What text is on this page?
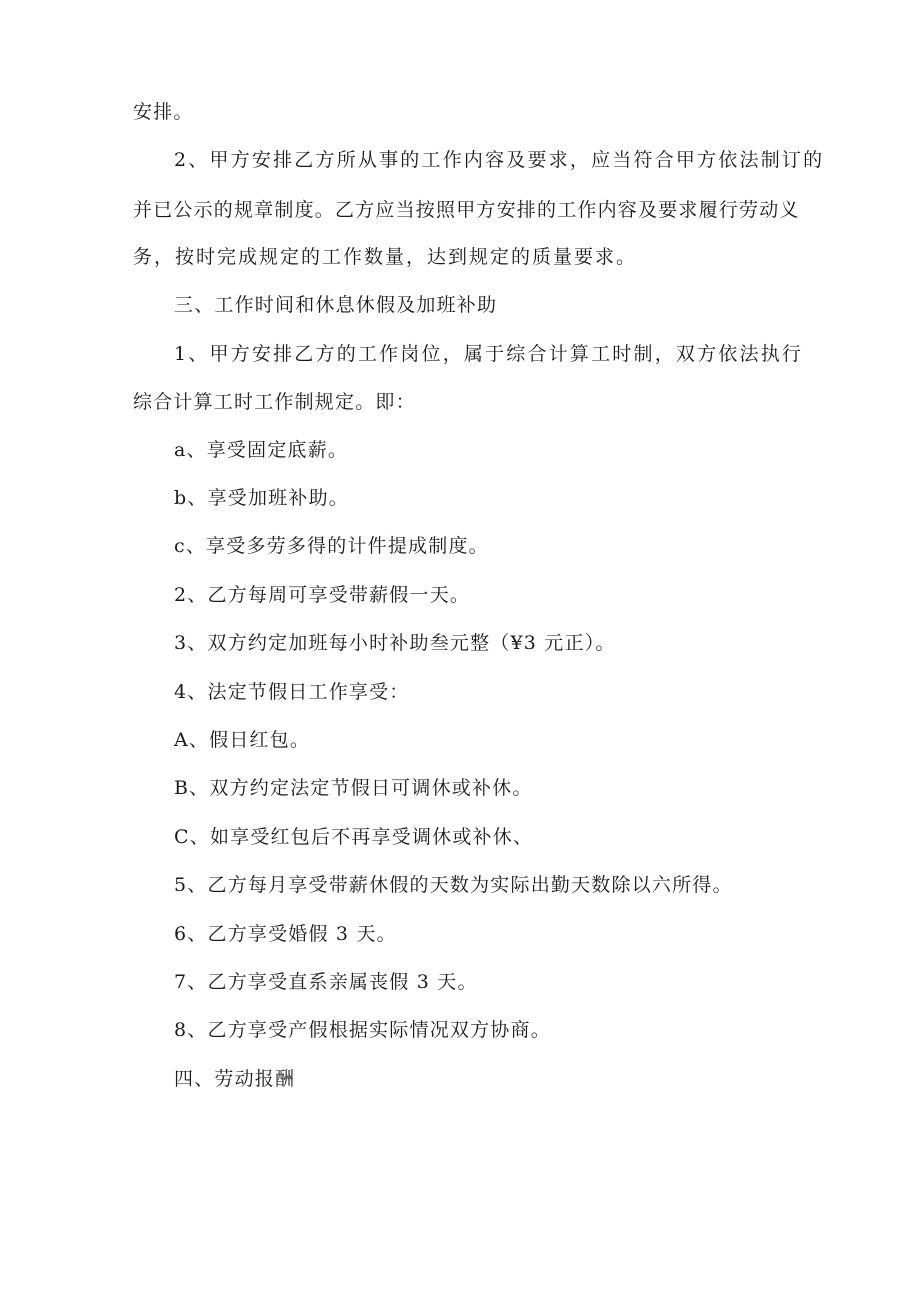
安排。
2、甲方安排乙方所从事的工作内容及要求，应当符合甲方依法制订的
并已公示的规章制度。乙方应当按照甲方安排的工作内容及要求履行劳动义
务，按时完成规定的工作数量，达到规定的质量要求。
三、工作时间和休息休假及加班补助
1、甲方安排乙方的工作岗位，属于综合计算工时制，双方依法执行
综合计算工时工作制规定。即：
a、享受固定底薪。
b、享受加班补助。
c、享受多劳多得的计件提成制度。
2、乙方每周可享受带薪假一天。
3、双方约定加班每小时补助叁元整（¥3 元正）。
4、法定节假日工作享受：
A、假日红包。
B、双方约定法定节假日可调休或补休。
C、如享受红包后不再享受调休或补休、
5、乙方每月享受带薪休假的天数为实际出勤天数除以六所得。
6、乙方享受婚假 3 天。
7、乙方享受直系亲属丧假 3 天。
8、乙方享受产假根据实际情况双方协商。
四、劳动报酬
